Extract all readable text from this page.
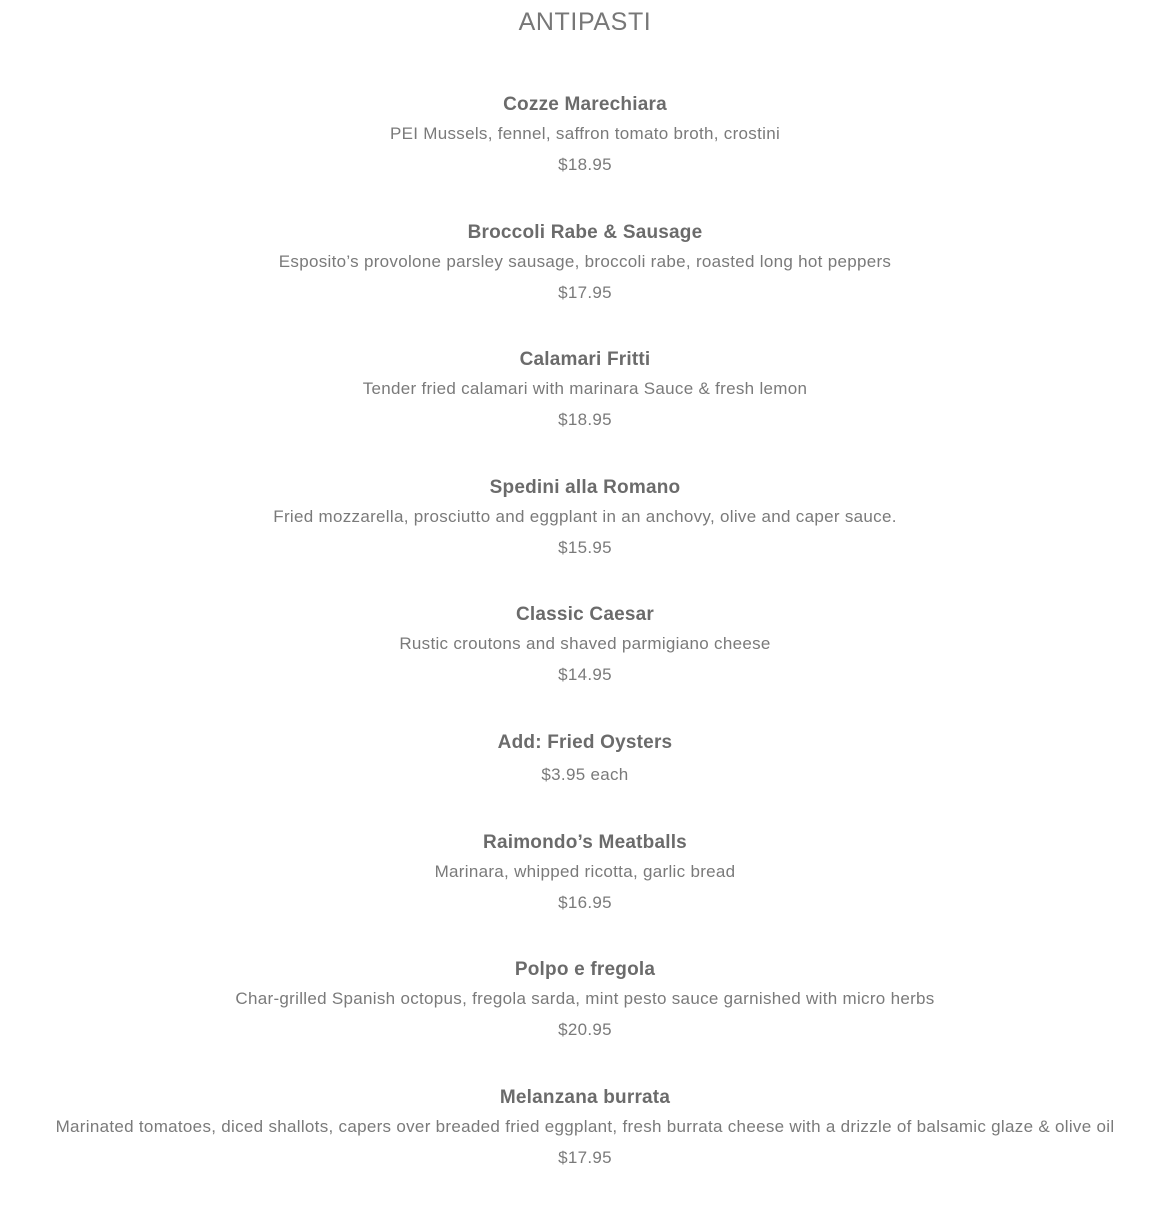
ANTIPASTI

Cozze Marechiara

PEI Mussels, fennel, saffron tomato broth, crostini

$18.95

Broccoli Rabe & Sausage

Esposito’s provolone parsley sausage, broccoli rabe, roasted long hot peppers

$17.95

Calamari Fritti

Tender fried calamari with marinara Sauce & fresh lemon

$18.95

Spedini alla Romano

Fried mozzarella, prosciutto and eggplant in an anchovy, olive and caper sauce.

$15.95

Classic Caesar

Rustic croutons and shaved parmigiano cheese

$14.95

Add: Fried Oysters

$3.95 each

Raimondo’s Meatballs

Marinara, whipped ricotta, garlic bread

$16.95

Polpo e fregola

Char-grilled Spanish octopus, fregola sarda, mint pesto sauce garnished with micro herbs

$20.95

Melanzana burrata

Marinated tomatoes, diced shallots, capers over breaded fried eggplant, fresh burrata cheese with a drizzle of balsamic glaze & olive oil

$17.95
